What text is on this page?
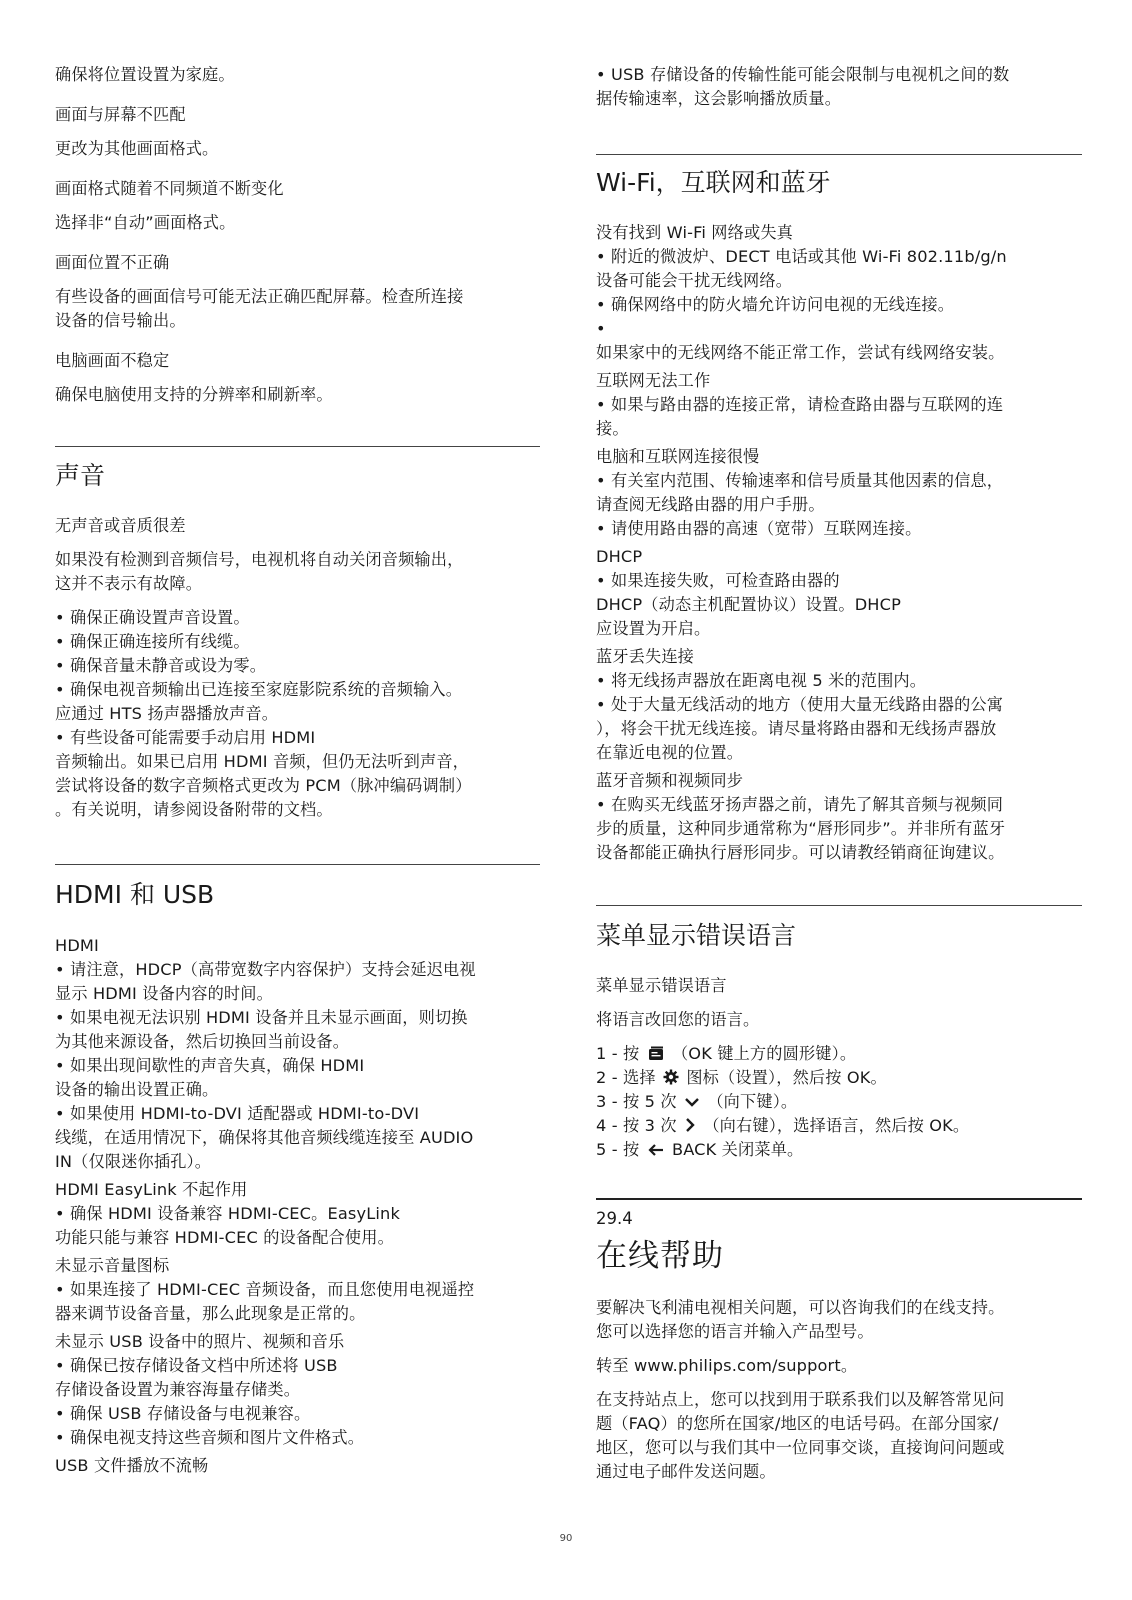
确保将位置设置为家庭。
画面与屏幕不匹配
更改为其他画面格式。
画面格式随着不同频道不断变化
选择非“自动”画面格式。
画面位置不正确
有些设备的画面信号可能无法正确匹配屏幕。检查所连接
设备的信号输出。
电脑画面不稳定
确保电脑使用支持的分辨率和刷新率。
声音
无声音或音质很差
如果没有检测到音频信号，电视机将自动关闭音频输出，
这并不表示有故障。
• 确保正确设置声音设置。
• 确保正确连接所有线缆。
• 确保音量未静音或设为零。
• 确保电视音频输出已连接至家庭影院系统的音频输入。
应通过 HTS 扬声器播放声音。
• 有些设备可能需要手动启用 HDMI
音频输出。如果已启用 HDMI 音频，但仍无法听到声音，
尝试将设备的数字音频格式更改为 PCM（脉冲编码调制）
。有关说明，请参阅设备附带的文档。
HDMI 和 USB
HDMI
• 请注意，HDCP（高带宽数字内容保护）支持会延迟电视
显示 HDMI 设备内容的时间。
• 如果电视无法识别 HDMI 设备并且未显示画面，则切换
为其他来源设备，然后切换回当前设备。
• 如果出现间歇性的声音失真，确保 HDMI
设备的输出设置正确。
• 如果使用 HDMI-to-DVI 适配器或 HDMI-to-DVI
线缆，在适用情况下，确保将其他音频线缆连接至 AUDIO
IN（仅限迷你插孔）。
HDMI EasyLink 不起作用
• 确保 HDMI 设备兼容 HDMI-CEC。EasyLink
功能只能与兼容 HDMI-CEC 的设备配合使用。
未显示音量图标
• 如果连接了 HDMI-CEC 音频设备，而且您使用电视遥控
器来调节设备音量，那么此现象是正常的。
未显示 USB 设备中的照片、视频和音乐
• 确保已按存储设备文档中所述将 USB
存储设备设置为兼容海量存储类。
• 确保 USB 存储设备与电视兼容。
• 确保电视支持这些音频和图片文件格式。
USB 文件播放不流畅
• USB 存储设备的传输性能可能会限制与电视机之间的数
据传输速率，这会影响播放质量。
Wi-Fi，互联网和蓝牙
没有找到 Wi-Fi 网络或失真
• 附近的微波炉、DECT 电话或其他 Wi-Fi 802.11b/g/n
设备可能会干扰无线网络。
• 确保网络中的防火墙允许访问电视的无线连接。
•
如果家中的无线网络不能正常工作，尝试有线网络安装。
互联网无法工作
• 如果与路由器的连接正常，请检查路由器与互联网的连
接。
电脑和互联网连接很慢
• 有关室内范围、传输速率和信号质量其他因素的信息，
请查阅无线路由器的用户手册。
• 请使用路由器的高速（宽带）互联网连接。
DHCP
• 如果连接失败，可检查路由器的
DHCP（动态主机配置协议）设置。DHCP
应设置为开启。
蓝牙丢失连接
• 将无线扬声器放在距离电视 5 米的范围内。
• 处于大量无线活动的地方（使用大量无线路由器的公寓
），将会干扰无线连接。请尽量将路由器和无线扬声器放
在靠近电视的位置。
蓝牙音频和视频同步
• 在购买无线蓝牙扬声器之前，请先了解其音频与视频同
步的质量，这种同步通常称为“唇形同步”。并非所有蓝牙
设备都能正确执行唇形同步。可以请教经销商征询建议。
菜单显示错误语言
菜单显示错误语言
将语言改回您的语言。
1 - 按 （OK 键上方的圆形键）。
2 - 选择 图标（设置），然后按 OK。
3 - 按 5 次 （向下键）。
4 - 按 3 次 （向右键），选择语言，然后按 OK。
5 - 按 BACK 关闭菜单。
29.4
在线帮助
要解决飞利浦电视相关问题，可以咨询我们的在线支持。
您可以选择您的语言并输入产品型号。
转至 www.philips.com/support。
在支持站点上，您可以找到用于联系我们以及解答常见问
题（FAQ）的您所在国家/地区的电话号码。在部分国家/
地区，您可以与我们其中一位同事交谈，直接询问问题或
通过电子邮件发送问题。
90
